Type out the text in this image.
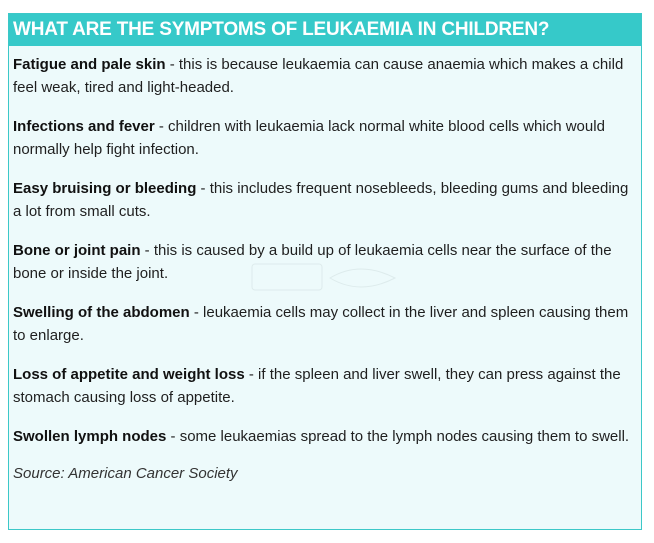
WHAT ARE THE SYMPTOMS OF LEUKAEMIA IN CHILDREN?

Fatigue and pale skin - this is because leukaemia can cause anaemia which makes a child feel weak, tired and light-headed.

Infections and fever - children with leukaemia lack normal white blood cells which would normally help fight infection.

Easy bruising or bleeding - this includes frequent nosebleeds, bleeding gums and bleeding a lot from small cuts.

Bone or joint pain - this is caused by a build up of leukaemia cells near the surface of the bone or inside the joint.

Swelling of the abdomen - leukaemia cells may collect in the liver and spleen causing them to enlarge.

Loss of appetite and weight loss - if the spleen and liver swell, they can press against the stomach causing loss of appetite.

Swollen lymph nodes - some leukaemias spread to the lymph nodes causing them to swell.

Source: American Cancer Society
